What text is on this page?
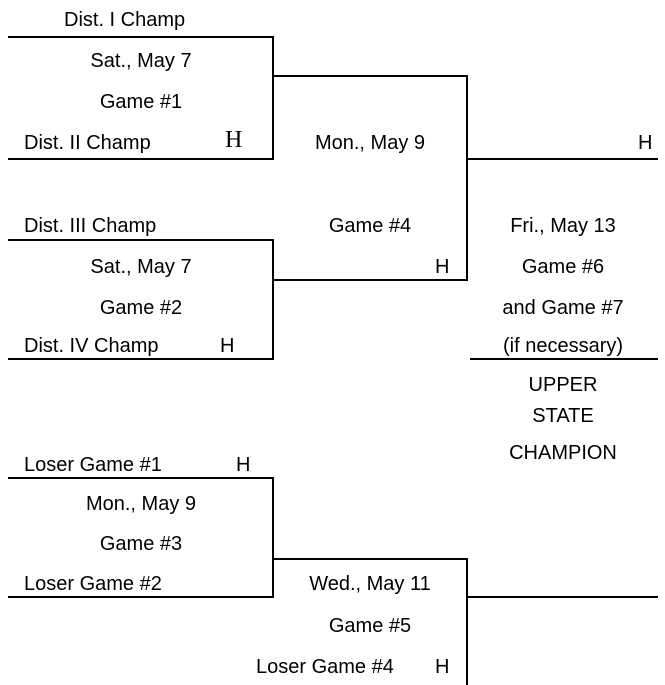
Dist. I Champ
Sat., May 7
Game #1
Dist. II Champ	H	Mon., May 9
Game #4
H
Dist. III Champ
Sat., May 7
Game #2
Dist. IV Champ	H
H
Fri., May 13
Game #6
and Game #7
(if necessary)
UPPER
STATE
CHAMPION
Loser Game #1	H
Mon., May 9
Game #3
Loser Game #2	Wed., May 11
Game #5
Loser Game #4 H
